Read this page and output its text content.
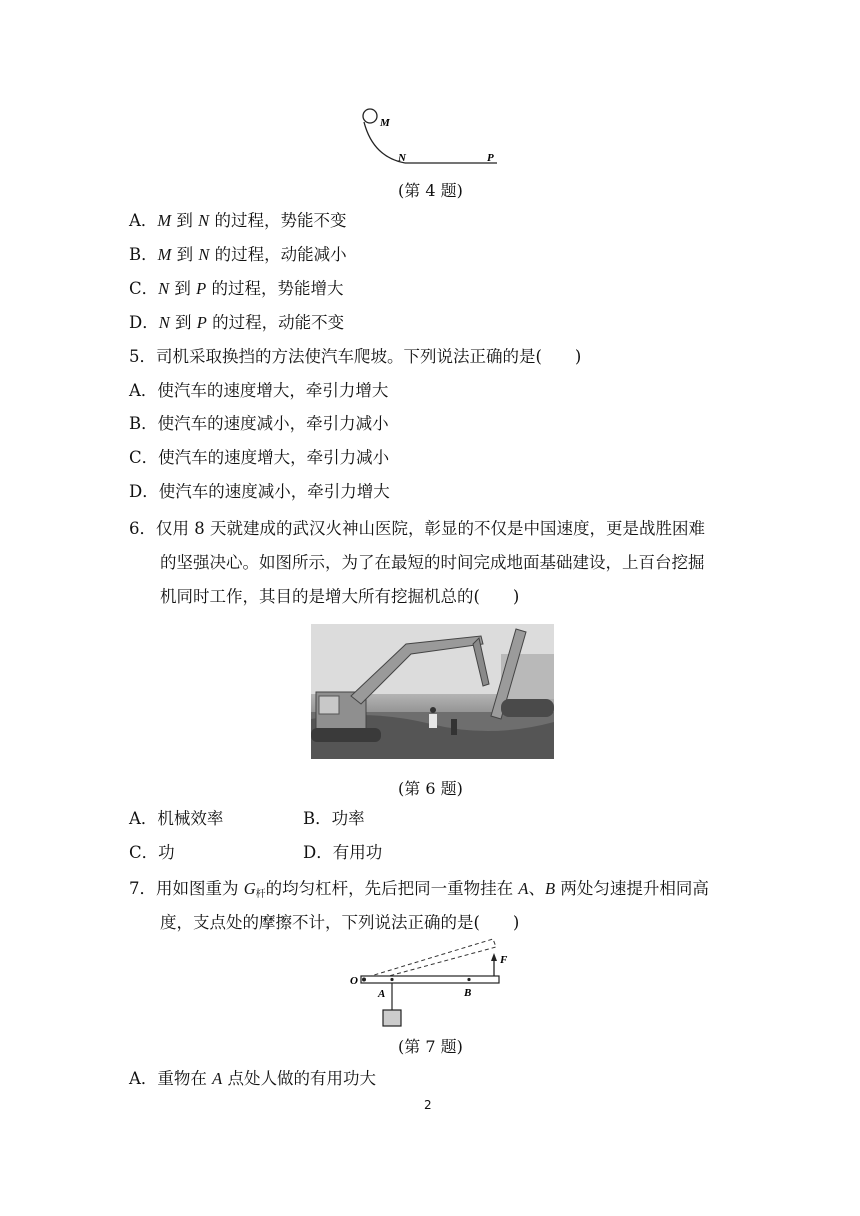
M
N	P
(第 4 题)
A．M 到 N 的过程，势能不变
B．M 到 N 的过程，动能减小
C．N 到 P 的过程，势能增大
D．N 到 P 的过程，动能不变
5．司机采取换挡的方法使汽车爬坡。下列说法正确的是(　　)
A．使汽车的速度增大，牵引力增大
B．使汽车的速度减小，牵引力减小
C．使汽车的速度增大，牵引力减小
D．使汽车的速度减小，牵引力增大
6．仅用 8 天就建成的武汉火神山医院，彰显的不仅是中国速度，更是战胜困难
的坚强决心。如图所示，为了在最短的时间完成地面基础建设，上百台挖掘
机同时工作，其目的是增大所有挖掘机总的(　　)
(第 6 题)
A．机械效率	B．功率
C．功	D．有用功
7．用如图重为 $G_杆$的均匀杠杆，先后把同一重物挂在 A、B 两处匀速提升相同高
度，支点处的摩擦不计，下列说法正确的是(　　)
O
A	B
F
(第 7 题)
A．重物在 A 点处人做的有用功大
2
